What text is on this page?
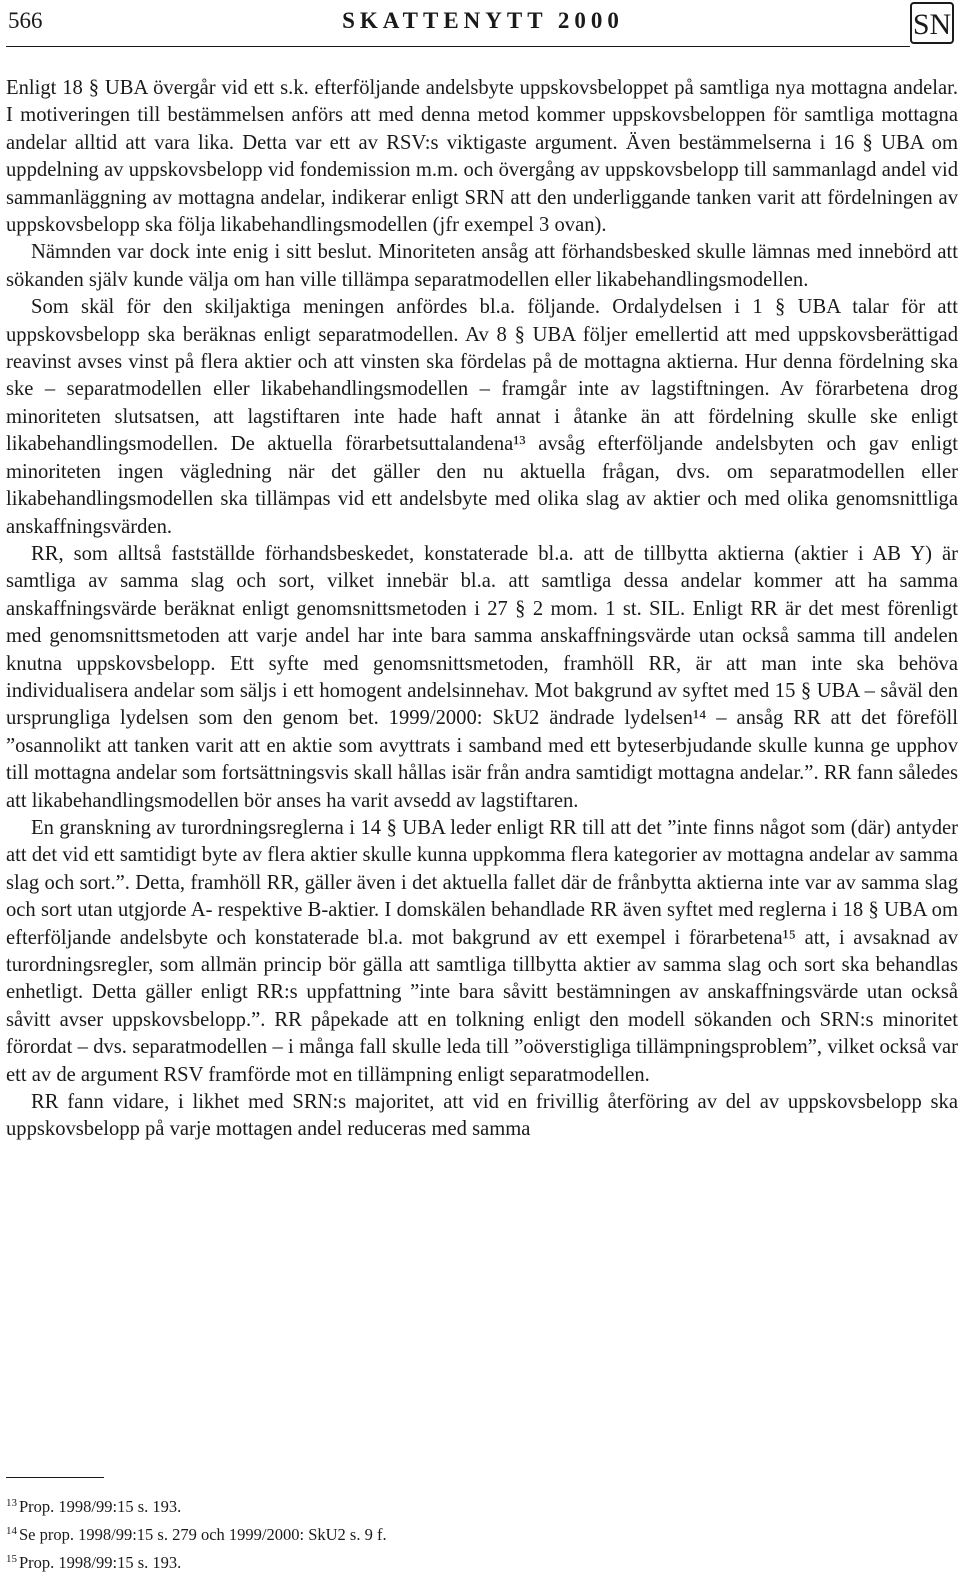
566	SKATTENYTT 2000	SN

Enligt 18 § UBA övergår vid ett s.k. efterföljande andelsbyte uppskovsbeloppet på samtliga nya mottagna andelar. I motiveringen till bestämmelsen anförs att med denna metod kommer uppskovsbeloppen för samtliga mottagna andelar alltid att vara lika. Detta var ett av RSV:s viktigaste argument. Även bestämmelserna i 16 § UBA om uppdelning av uppskovsbelopp vid fondemission m.m. och övergång av uppskovsbelopp till sammanlagd andel vid sammanläggning av mottagna andelar, indikerar enligt SRN att den underliggande tanken varit att fördelningen av uppskovsbelopp ska följa likabehandlingsmodellen (jfr exempel 3 ovan).

Nämnden var dock inte enig i sitt beslut. Minoriteten ansåg att förhandsbesked skulle lämnas med innebörd att sökanden själv kunde välja om han ville tillämpa separatmodellen eller likabehandlingsmodellen.

Som skäl för den skiljaktiga meningen anfördes bl.a. följande. Ordalydelsen i 1 § UBA talar för att uppskovsbelopp ska beräknas enligt separatmodellen. Av 8 § UBA följer emellertid att med uppskovsberättigad reavinst avses vinst på flera aktier och att vinsten ska fördelas på de mottagna aktierna. Hur denna fördelning ska ske – separatmodellen eller likabehandlingsmodellen – framgår inte av lagstiftningen. Av förarbetena drog minoriteten slutsatsen, att lagstiftaren inte hade haft annat i åtanke än att fördelning skulle ske enligt likabehandlingsmodellen. De aktuella förarbetsuttalandena¹³ avsåg efterföljande andelsbyten och gav enligt minoriteten ingen vägledning när det gäller den nu aktuella frågan, dvs. om separatmodellen eller likabehandlingsmodellen ska tillämpas vid ett andelsbyte med olika slag av aktier och med olika genomsnittliga anskaffningsvärden.

RR, som alltså fastställde förhandsbeskedet, konstaterade bl.a. att de tillbytta aktierna (aktier i AB Y) är samtliga av samma slag och sort, vilket innebär bl.a. att samtliga dessa andelar kommer att ha samma anskaffningsvärde beräknat enligt genomsnittsmetoden i 27 § 2 mom. 1 st. SIL. Enligt RR är det mest förenligt med genomsnittsmetoden att varje andel har inte bara samma anskaffningsvärde utan också samma till andelen knutna uppskovsbelopp. Ett syfte med genomsnittsmetoden, framhöll RR, är att man inte ska behöva individualisera andelar som säljs i ett homogent andelsinnehav. Mot bakgrund av syftet med 15 § UBA – såväl den ursprungliga lydelsen som den genom bet. 1999/2000: SkU2 ändrade lydelsen¹⁴ – ansåg RR att det föreföll ”osannolikt att tanken varit att en aktie som avyttrats i samband med ett byteserbjudande skulle kunna ge upphov till mottagna andelar som fortsättningsvis skall hållas isär från andra samtidigt mottagna andelar.”. RR fann således att likabehandlingsmodellen bör anses ha varit avsedd av lagstiftaren.

En granskning av turordningsreglerna i 14 § UBA leder enligt RR till att det ”inte finns något som (där) antyder att det vid ett samtidigt byte av flera aktier skulle kunna uppkomma flera kategorier av mottagna andelar av samma slag och sort.”. Detta, framhöll RR, gäller även i det aktuella fallet där de frånbytta aktierna inte var av samma slag och sort utan utgjorde A- respektive B-aktier. I domskälen behandlade RR även syftet med reglerna i 18 § UBA om efterföljande andelsbyte och konstaterade bl.a. mot bakgrund av ett exempel i förarbetena¹⁵ att, i avsaknad av turordningsregler, som allmän princip bör gälla att samtliga tillbytta aktier av samma slag och sort ska behandlas enhetligt. Detta gäller enligt RR:s uppfattning ”inte bara såvitt bestämningen av anskaffningsvärde utan också såvitt avser uppskovsbelopp.”. RR påpekade att en tolkning enligt den modell sökanden och SRN:s minoritet förordat – dvs. separatmodellen – i många fall skulle leda till ”oöverstigliga tillämpningsproblem”, vilket också var ett av de argument RSV framförde mot en tillämpning enligt separatmodellen.

RR fann vidare, i likhet med SRN:s majoritet, att vid en frivillig återföring av del av uppskovsbelopp ska uppskovsbelopp på varje mottagen andel reduceras med samma

$^{13}$ Prop. 1998/99:15 s. 193.

$^{14}$ Se prop. 1998/99:15 s. 279 och 1999/2000: SkU2 s. 9 f.

$^{15}$ Prop. 1998/99:15 s. 193.
